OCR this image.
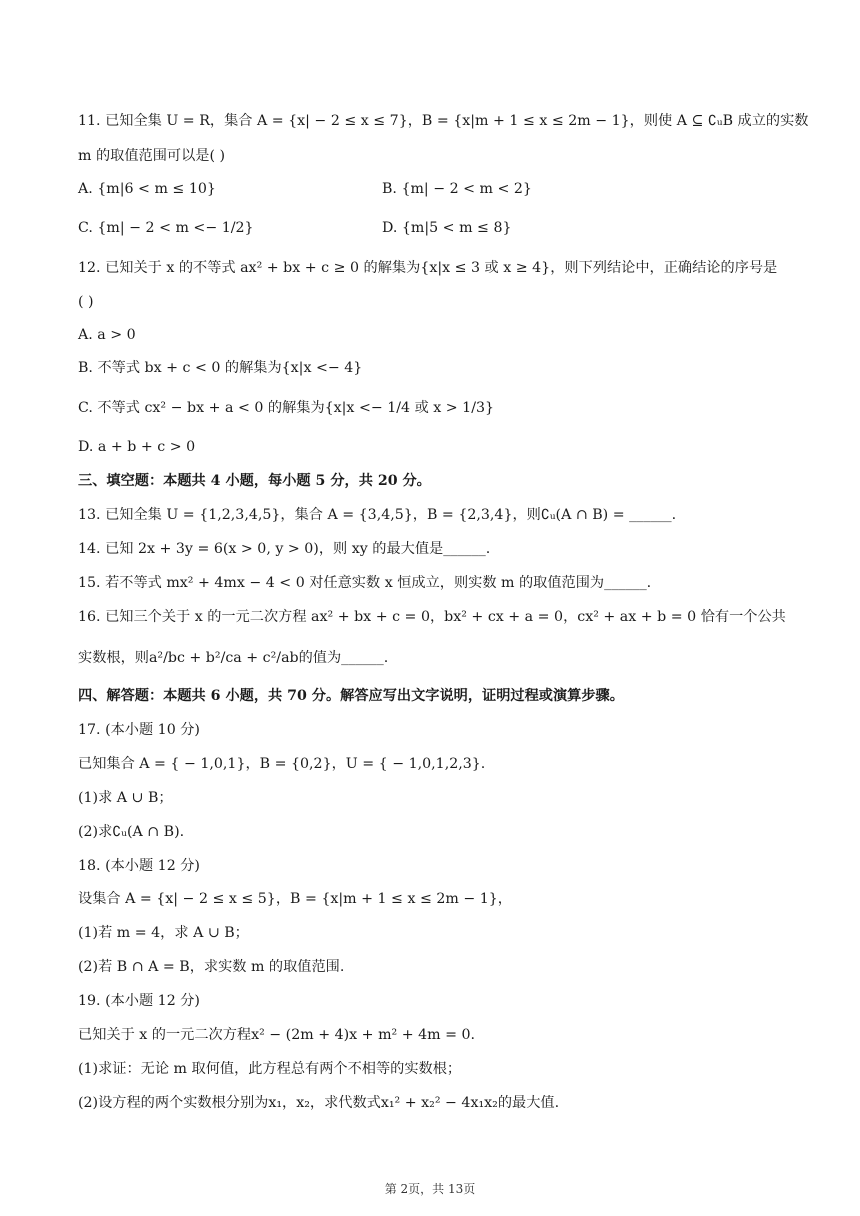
11. 已知全集 U = R，集合 A = {x| − 2 ≤ x ≤ 7}，B = {x|m + 1 ≤ x ≤ 2m − 1}，则使 A ⊆ ∁ᵤB 成立的实数
m 的取值范围可以是( )
A. {m|6 < m ≤ 10}	B. {m| − 2 < m < 2}
C. {m| − 2 < m <− 1/2}	D. {m|5 < m ≤ 8}
12. 已知关于 x 的不等式 ax² + bx + c ≥ 0 的解集为{x|x ≤ 3 或 x ≥ 4}，则下列结论中，正确结论的序号是
( )
A. a > 0
B. 不等式 bx + c < 0 的解集为{x|x <− 4}
C. 不等式 cx² − bx + a < 0 的解集为{x|x <− 1/4 或 x > 1/3}
D. a + b + c > 0
三、填空题：本题共 4 小题，每小题 5 分，共 20 分。
13. 已知全集 U = {1,2,3,4,5}，集合 A = {3,4,5}，B = {2,3,4}，则∁ᵤ(A ∩ B) = ______.
14. 已知 2x + 3y = 6(x > 0, y > 0)，则 xy 的最大值是______.
15. 若不等式 mx² + 4mx − 4 < 0 对任意实数 x 恒成立，则实数 m 的取值范围为______.
16. 已知三个关于 x 的一元二次方程 ax² + bx + c = 0，bx² + cx + a = 0，cx² + ax + b = 0 恰有一个公共
实数根，则a²/bc + b²/ca + c²/ab的值为______.
四、解答题：本题共 6 小题，共 70 分。解答应写出文字说明，证明过程或演算步骤。
17. (本小题 10 分)
已知集合 A = { − 1,0,1}，B = {0,2}，U = { − 1,0,1,2,3}.
(1)求 A ∪ B；
(2)求∁ᵤ(A ∩ B).
18. (本小题 12 分)
设集合 A = {x| − 2 ≤ x ≤ 5}，B = {x|m + 1 ≤ x ≤ 2m − 1}，
(1)若 m = 4，求 A ∪ B；
(2)若 B ∩ A = B，求实数 m 的取值范围.
19. (本小题 12 分)
已知关于 x 的一元二次方程x² − (2m + 4)x + m² + 4m = 0.
(1)求证：无论 m 取何值，此方程总有两个不相等的实数根；
(2)设方程的两个实数根分别为x₁，x₂，求代数式x₁² + x₂² − 4x₁x₂的最大值.
第 2页，共 13页
